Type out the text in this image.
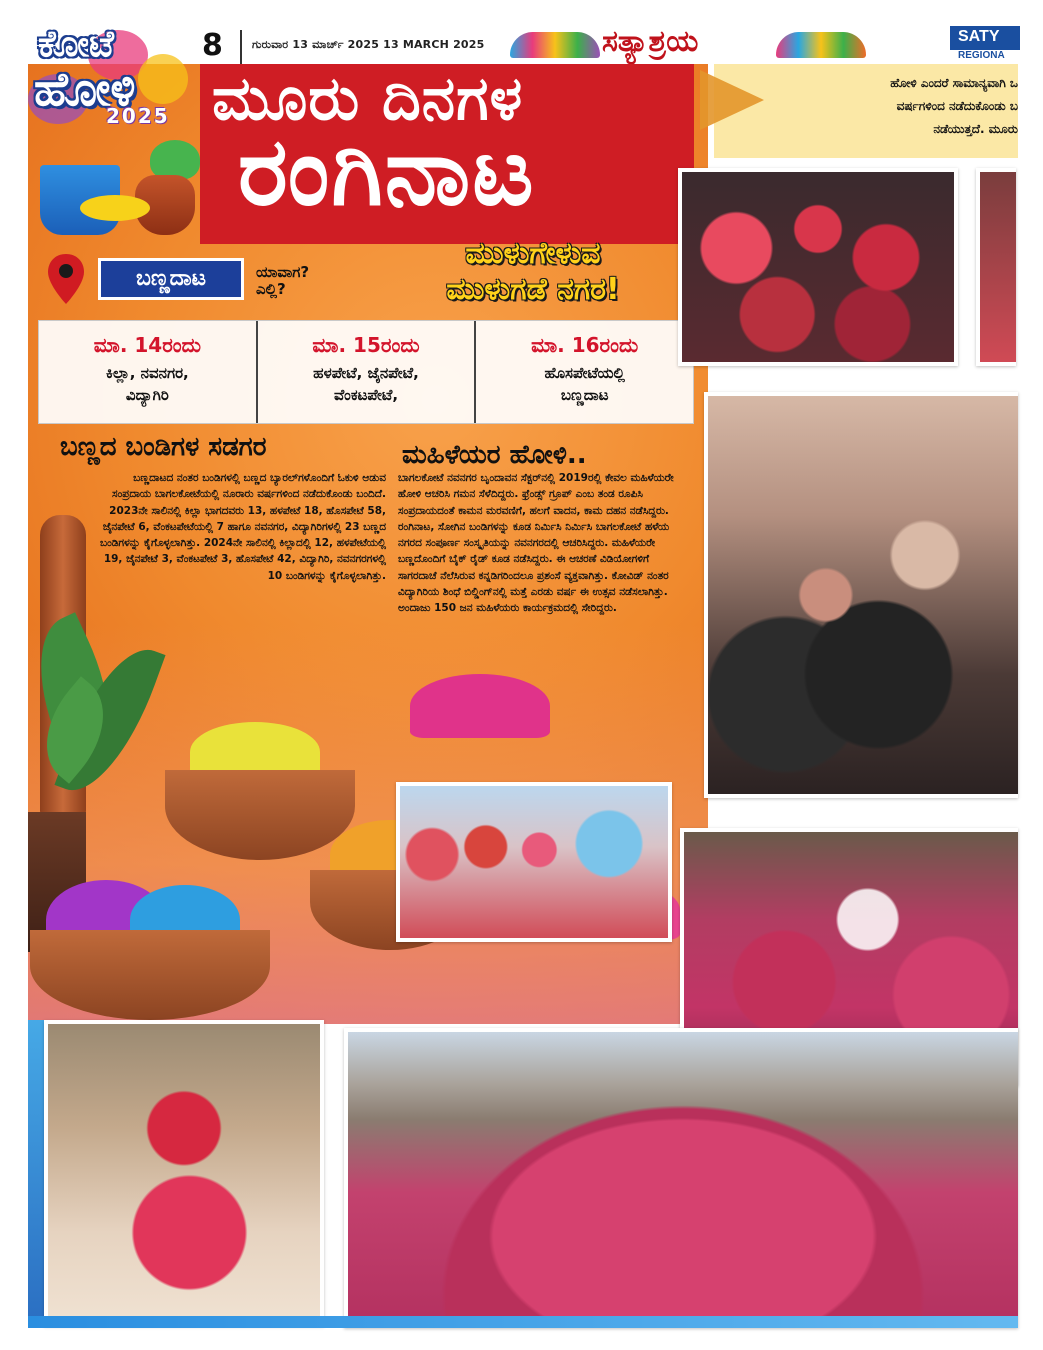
8	ಗುರುವಾರ 13 ಮಾರ್ಚ್ 2025 13 MARCH 2025	ಸತ್ಯಾಶ್ರಯ	SATY
REGIONA
ಕೋಟೆ
ಹೋಳಿ
2025 ಮೂರು ದಿನಗಳ
ರಂಗಿನಾಟ
ಬಣ್ಣದಾಟ	ಯಾವಾಗ?
ಎಲ್ಲಿ?
ಮುಳುಗೇಳುವ
ಮುಳುಗಡೆ ನಗರ!
ಮಾ. 14ರಂದು
ಕಿಲ್ಲಾ, ನವನಗರ,
ವಿದ್ಯಾಗಿರಿ
ಮಾ. 15ರಂದು
ಹಳಪೇಟೆ, ಜೈನಪೇಟೆ,
ವೆಂಕಟಪೇಟೆ,
ಮಾ. 16ರಂದು
ಹೊಸಪೇಟೆಯಲ್ಲಿ
ಬಣ್ಣದಾಟ
ಬಣ್ಣದ ಬಂಡಿಗಳ ಸಡಗರ
ಬಣ್ಣದಾಟದ ನಂತರ ಬಂಡಿಗಳಲ್ಲಿ ಬಣ್ಣದ ಬ್ಯಾರಲ್‌ಗಳೊಂದಿಗೆ ಓಕುಳಿ ಆಡುವ ಸಂಪ್ರದಾಯ ಬಾಗಲಕೋಟೆಯಲ್ಲಿ ನೂರಾರು ವರ್ಷಗಳಿಂದ ನಡೆದುಕೊಂಡು ಬಂದಿದೆ. 2023ನೇ ಸಾಲಿನಲ್ಲಿ ಕಿಲ್ಲಾ ಭಾಗದವರು 13, ಹಳಪೇಟೆ 18, ಹೊಸಪೇಟೆ 58, ಜೈನಪೇಟೆ 6, ವೆಂಕಟಪೇಟೆಯಲ್ಲಿ 7 ಹಾಗೂ ನವನಗರ, ವಿದ್ಯಾಗಿರಿಗಳಲ್ಲಿ 23 ಬಣ್ಣದ ಬಂಡಿಗಳನ್ನು ಕೈಗೊಳ್ಳಲಾಗಿತ್ತು. 2024ನೇ ಸಾಲಿನಲ್ಲಿ ಕಿಲ್ಲಾದಲ್ಲಿ 12, ಹಳಪೇಟೆಯಲ್ಲಿ 19, ಜೈನಪೇಟೆ 3, ವೆಂಕಟಪೇಟೆ 3, ಹೊಸಪೇಟೆ 42, ವಿದ್ಯಾಗಿರಿ, ನವನಗರಗಳಲ್ಲಿ 10 ಬಂಡಿಗಳನ್ನು ಕೈಗೊಳ್ಳಲಾಗಿತ್ತು.
ಮಹಿಳೆಯರ ಹೋಳಿ..
ಬಾಗಲಕೋಟೆ ನವನಗರ ಬೃಂದಾವನ ಸೆಕ್ಟರ್‌ನಲ್ಲಿ 2019ರಲ್ಲಿ ಕೇವಲ ಮಹಿಳೆಯರೇ ಹೋಳಿ ಆಚರಿಸಿ ಗಮನ ಸೆಳೆದಿದ್ದರು. ಫ್ರೆಂಡ್ಸ್ ಗ್ರೂಪ್ ಎಂಬ ತಂಡ ರೂಪಿಸಿ ಸಂಪ್ರದಾಯದಂತೆ ಕಾಮನ ಮರವಣಿಗೆ, ಹಲಗೆ ವಾದನ, ಕಾಮ ದಹನ ನಡೆಸಿದ್ದರು. ರಂಗಿನಾಟ, ಸೋಗಿನ ಬಂಡಿಗಳನ್ನು ಕೂಡ ನಿರ್ಮಿಸಿ ನಿರ್ಮಿಸಿ ಬಾಗಲಕೋಟೆ ಹಳೆಯ ನಗರದ ಸಂಪೂರ್ಣ ಸಂಸ್ಕೃತಿಯನ್ನು ನವನಗರದಲ್ಲಿ ಆಚರಿಸಿದ್ದರು. ಮಹಿಳೆಯರೇ ಬಣ್ಣದೊಂದಿಗೆ ಬೈಕ್ ರೈಡ್ ಕೂಡ ನಡೆಸಿದ್ದರು. ಈ ಆಚರಣೆ ವಿಡಿಯೋಗಳಿಗೆ ಸಾಗರದಾಚೆ ನೆಲೆಸಿರುವ ಕನ್ನಡಿಗರಿಂದಲೂ ಪ್ರಶಂಸೆ ವ್ಯಕ್ತವಾಗಿತ್ತು. ಕೋವಿಡ್ ನಂತರ ವಿದ್ಯಾಗಿರಿಯ ಶಿಂಧೆ ಬಿಲ್ಡಿಂಗ್‌ನಲ್ಲಿ ಮತ್ತೆ ಎರಡು ವರ್ಷ ಈ ಉತ್ಸವ ನಡೆಸಲಾಗಿತ್ತು. ಅಂದಾಜು 150 ಜನ ಮಹಿಳೆಯರು ಕಾರ್ಯಕ್ರಮದಲ್ಲಿ ಸೇರಿದ್ದರು.
ಹೋಳಿ ಎಂದರೆ ಸಾಮಾನ್ಯವಾಗಿ ಒ
ವರ್ಷಗಳಿಂದ ನಡೆದುಕೊಂಡು ಬ
ನಡೆಯುತ್ತದೆ. ಮೂರು
